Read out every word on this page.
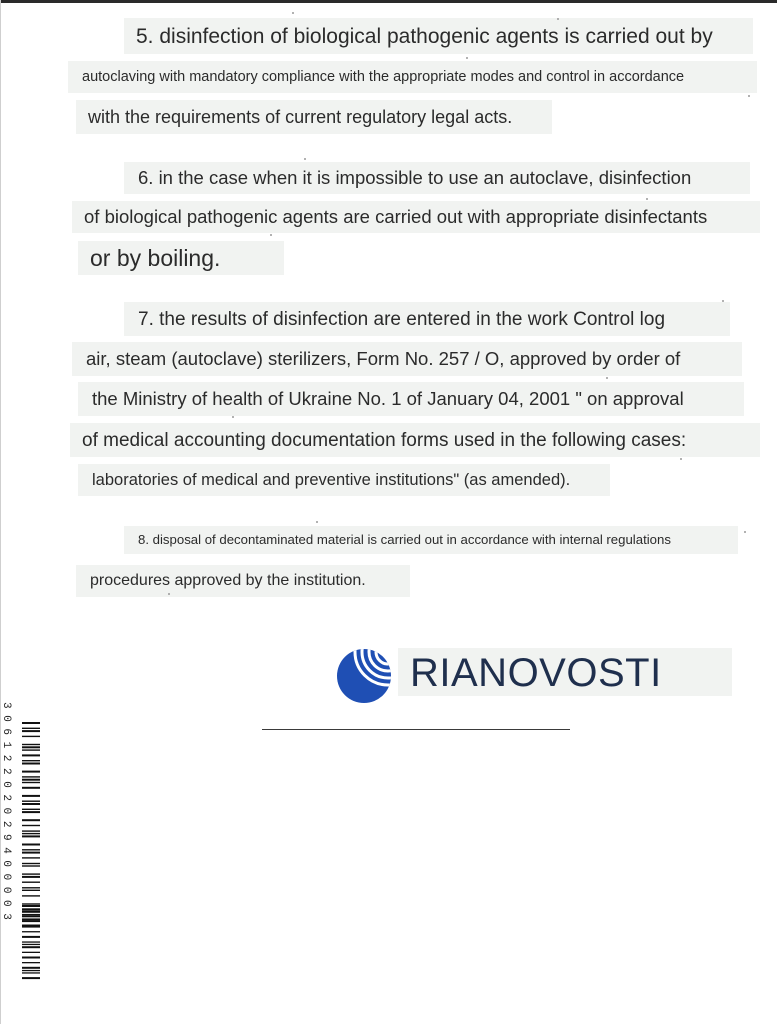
5. disinfection of biological pathogenic agents is carried out by
autoclaving with mandatory compliance with the appropriate modes and control in accordance
with the requirements of current regulatory legal acts.
6. in the case when it is impossible to use an autoclave, disinfection
of biological pathogenic agents are carried out with appropriate disinfectants
or by boiling.
7. the results of disinfection are entered in the work Control log
air, steam (autoclave) sterilizers, Form No. 257 / O, approved by order of
the Ministry of health of Ukraine No. 1 of January 04, 2001 " on approval
of medical accounting documentation forms used in the following cases:
laboratories of medical and preventive institutions" (as amended).
8. disposal of decontaminated material is carried out in accordance with internal regulations
procedures approved by the institution.
RIANOVOSTI
3 0 6 1 2 2 0 2 0 2 9 4 0 0 0 0 3
